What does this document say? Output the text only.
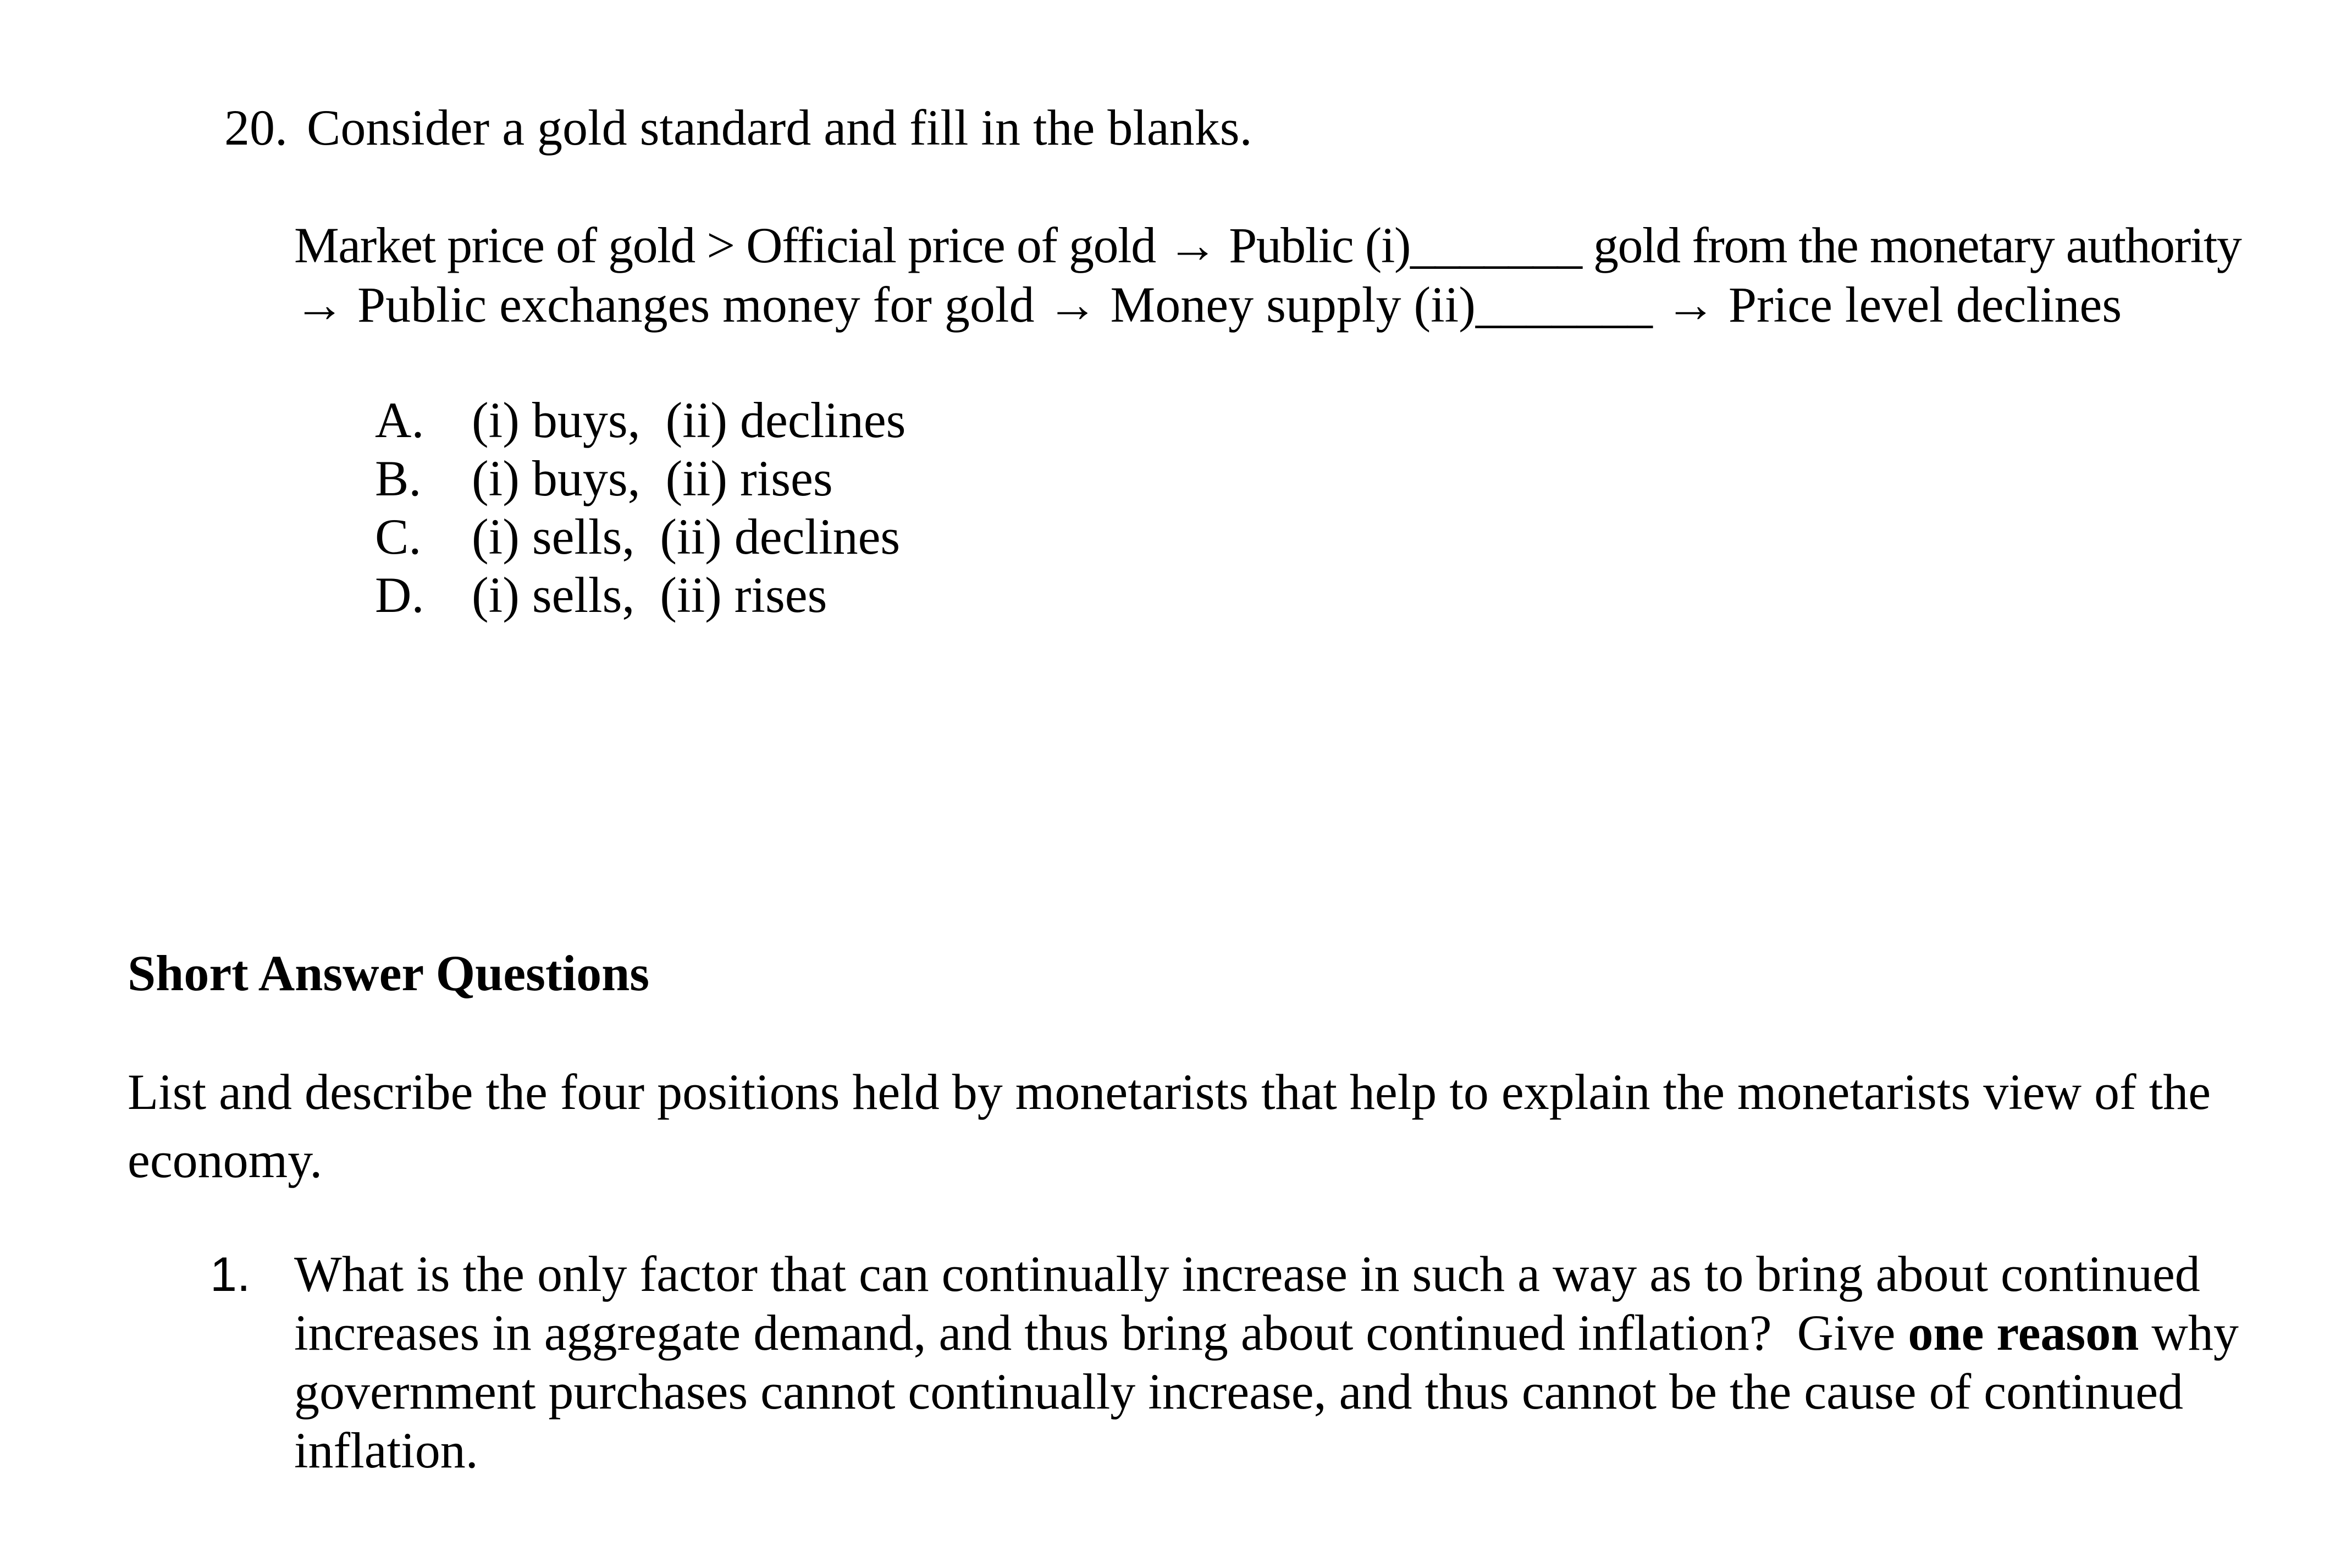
20. Consider a gold standard and fill in the blanks.
Market price of gold > Official price of gold → Public (i)_______ gold from the monetary authority
→ Public exchanges money for gold → Money supply (ii)_______ → Price level declines
A. (i) buys,  (ii) declines
B. (i) buys,  (ii) rises
C. (i) sells,  (ii) declines
D. (i) sells,  (ii) rises
Short Answer Questions
List and describe the four positions held by monetarists that help to explain the monetarists view of the economy.
1. What is the only factor that can continually increase in such a way as to bring about continued increases in aggregate demand, and thus bring about continued inflation?  Give one reason why government purchases cannot continually increase, and thus cannot be the cause of continued inflation.
